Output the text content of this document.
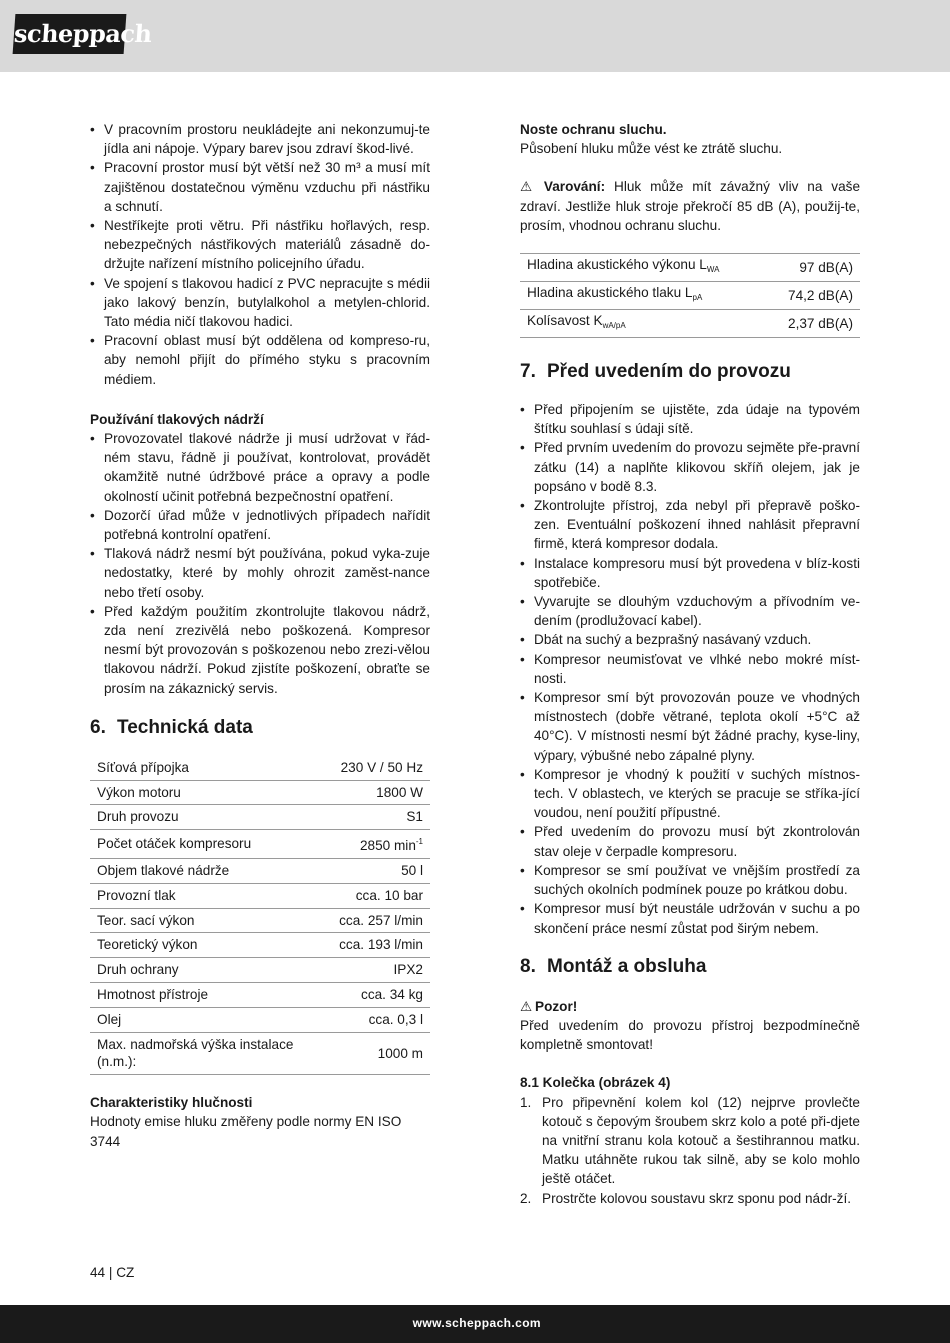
scheppach
• V pracovním prostoru neukládejte ani nekonzumuj-te jídla ani nápoje. Výpary barev jsou zdraví škod-livé.
• Pracovní prostor musí být větší než 30 m³ a musí mít zajištěnou dostatečnou výměnu vzduchu při nástřiku a schnutí.
• Nestříkejte proti větru. Při nástřiku hořlavých, resp. nebezpečných nástřikových materiálů zásadně do-držujte nařízení místního policejního úřadu.
• Ve spojení s tlakovou hadicí z PVC nepracujte s médii jako lakový benzín, butylalkohol a metylen-chlorid. Tato média ničí tlakovou hadici.
• Pracovní oblast musí být oddělena od kompreso-ru, aby nemohl přijít do přímého styku s pracovním médiem.
Používání tlakových nádrží
• Provozovatel tlakové nádrže ji musí udržovat v řád-ném stavu, řádně ji používat, kontrolovat, provádět okamžitě nutné údržbové práce a opravy a podle okolností učinit potřebná bezpečnostní opatření.
• Dozorčí úřad může v jednotlivých případech nařídit potřebná kontrolní opatření.
• Tlaková nádrž nesmí být používána, pokud vyka-zuje nedostatky, které by mohly ohrozit zaměst-nance nebo třetí osoby.
• Před každým použitím zkontrolujte tlakovou nádrž, zda není zrezivělá nebo poškozená. Kompresor nesmí být provozován s poškozenou nebo zrezi-vělou tlakovou nádrží. Pokud zjistíte poškození, obraťte se prosím na zákaznický servis.
6. Technická data
Síťová přípojka	230 V / 50 Hz
Výkon motoru	1800 W
Druh provozu	S1
Počet otáček kompresoru	2850 $\min^{-1}$
Objem tlakové nádrže	50 l
Provozní tlak	cca. 10 bar
Teor. sací výkon	cca. 257 l/min
Teoretický výkon	cca. 193 l/min
Druh ochrany	IPX2
Hmotnost přístroje	cca. 34 kg
Olej	cca. 0,3 l
Max. nadmořská výška instalace (n.m.):	1000 m
Charakteristiky hlučnosti
Hodnoty emise hluku změřeny podle normy EN ISO 3744
Noste ochranu sluchu.
Působení hluku může vést ke ztrátě sluchu.
⚠ Varování: Hluk může mít závažný vliv na vaše zdraví. Jestliže hluk stroje překročí 85 dB (A), použij-te, prosím, vhodnou ochranu sluchu.
Hladina akustického výkonu $L_{WA}$	97 dB(A)
Hladina akustického tlaku $L_{pA}$	74,2 dB(A)
Kolísavost $K_{wA/pA}$	2,37 dB(A)
7. Před uvedením do provozu
• Před připojením se ujistěte, zda údaje na typovém štítku souhlasí s údaji sítě.
• Před prvním uvedením do provozu sejměte pře-pravní zátku (14) a naplňte klikovou skříň olejem, jak je popsáno v bodě 8.3.
• Zkontrolujte přístroj, zda nebyl při přepravě poško-zen. Eventuální poškození ihned nahlásit přepravní firmě, která kompresor dodala.
• Instalace kompresoru musí být provedena v blíz-kosti spotřebiče.
• Vyvarujte se dlouhým vzduchovým a přívodním ve-dením (prodlužovací kabel).
• Dbát na suchý a bezprašný nasávaný vzduch.
• Kompresor neumisťovat ve vlhké nebo mokré míst-nosti.
• Kompresor smí být provozován pouze ve vhodných místnostech (dobře větrané, teplota okolí +5°C až 40°C). V místnosti nesmí být žádné prachy, kyse-liny, výpary, výbušné nebo zápalné plyny.
• Kompresor je vhodný k použití v suchých místnos-tech. V oblastech, ve kterých se pracuje se stříka-jící voudou, není použití přípustné.
• Před uvedením do provozu musí být zkontrolován stav oleje v čerpadle kompresoru.
• Kompresor se smí používat ve vnějším prostředí za suchých okolních podmínek pouze po krátkou dobu.
• Kompresor musí být neustále udržován v suchu a po skončení práce nesmí zůstat pod širým nebem.
8. Montáž a obsluha
⚠ Pozor!
Před uvedením do provozu přístroj bezpodmínečně kompletně smontovat!
8.1 Kolečka (obrázek 4)
1. Pro připevnění kolem kol (12) nejprve provlečte kotouč s čepovým šroubem skrz kolo a poté při-djete na vnitřní stranu kola kotouč a šestihrannou matku. Matku utáhněte rukou tak silně, aby se kolo mohlo ještě otáčet.
2. Prostrčte kolovou soustavu skrz sponu pod nádr-ží.
44 | CZ
www.scheppach.com
